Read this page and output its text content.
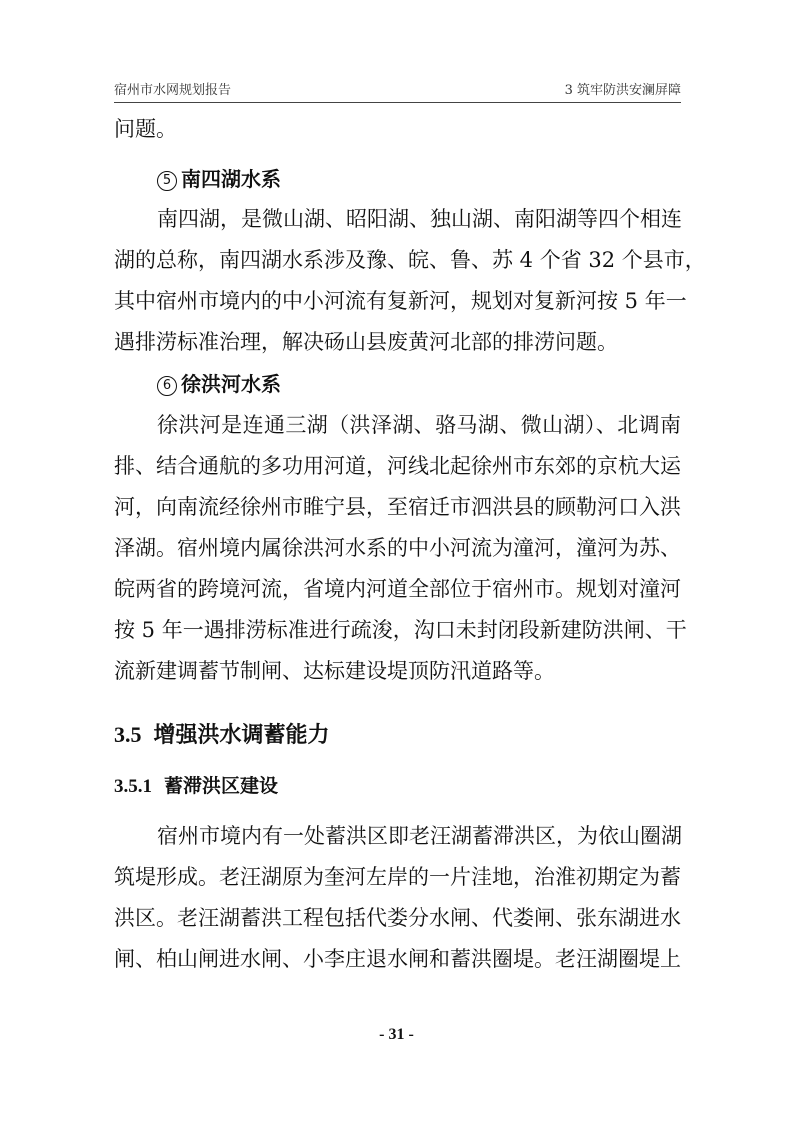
宿州市水网规划报告	3 筑牢防洪安澜屏障
问题。
5 南四湖水系
南四湖，是微山湖、昭阳湖、独山湖、南阳湖等四个相连
湖的总称，南四湖水系涉及豫、皖、鲁、苏 4 个省 32 个县市，
其中宿州市境内的中小河流有复新河，规划对复新河按 5 年一
遇排涝标准治理，解决砀山县废黄河北部的排涝问题。
6 徐洪河水系
徐洪河是连通三湖（洪泽湖、骆马湖、微山湖）、北调南
排、结合通航的多功用河道，河线北起徐州市东郊的京杭大运
河，向南流经徐州市睢宁县，至宿迁市泗洪县的顾勒河口入洪
泽湖。宿州境内属徐洪河水系的中小河流为潼河，潼河为苏、
皖两省的跨境河流，省境内河道全部位于宿州市。规划对潼河
按 5 年一遇排涝标准进行疏浚，沟口未封闭段新建防洪闸、干
流新建调蓄节制闸、达标建设堤顶防汛道路等。
3.5 增强洪水调蓄能力
3.5.1 蓄滞洪区建设
宿州市境内有一处蓄洪区即老汪湖蓄滞洪区，为依山圈湖
筑堤形成。老汪湖原为奎河左岸的一片洼地，治淮初期定为蓄
洪区。老汪湖蓄洪工程包括代娄分水闸、代娄闸、张东湖进水
闸、柏山闸进水闸、小李庄退水闸和蓄洪圈堤。老汪湖圈堤上
- 31 -
